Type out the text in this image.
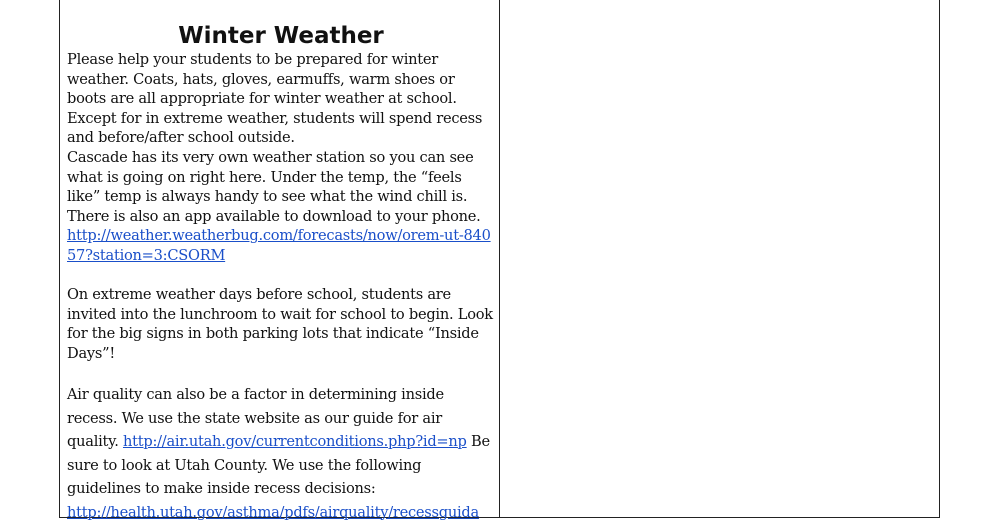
Winter Weather

Please help your students to be prepared for winter weather. Coats, hats, gloves, earmuffs, warm shoes or boots are all appropriate for winter weather at school. Except for in extreme weather, students will spend recess and before/after school outside.

Cascade has its very own weather station so you can see what is going on right here. Under the temp, the “feels like” temp is always handy to see what the wind chill is. There is also an app available to download to your phone.
http://weather.weatherbug.com/forecasts/now/orem-ut-84057?station=3:CSORM

On extreme weather days before school, students are invited into the lunchroom to wait for school to begin. Look for the big signs in both parking lots that indicate “Inside Days”!

Air quality can also be a factor in determining inside recess. We use the state website as our guide for air quality. http://air.utah.gov/currentconditions.php?id=np Be sure to look at Utah County. We use the following guidelines to make inside recess decisions:
http://health.utah.gov/asthma/pdfs/airquality/recessguida
